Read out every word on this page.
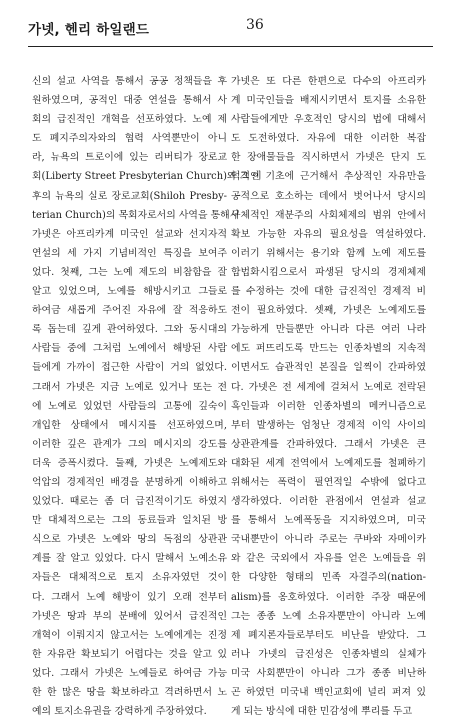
가넷, 헨리 하일랜드	36
신의 설교 사역을 통해서 공공 정책들을 후
원하였으며, 공적인 대중 연설을 통해서 사
회의 급진적인 개혁을 선포하였다. 노예 제
도 폐지주의자와의 협력 사역뿐만이 아니
라, 뉴욕의 트로이에 있는 리버티가 장로교
회(Liberty Street Presbyterian Church)와 그 이
후의 뉴욕의 실로 장로교회(Shiloh Presby-
terian Church)의 목회자로서의 사역을 통해서
가넷은 아프리카계 미국인 설교와 선지자적
연설의 세 가지 기념비적인 특징을 보여주
었다. 첫째, 그는 노예 제도의 비참함을 잘
알고 있었으며, 노예를 해방시키고 그들로
하여금 새롭게 주어진 자유에 잘 적응하도
록 돕는데 깊게 관여하였다. 그와 동시대의
사람들 중에 그처럼 노예에서 해방된 사람
들에게 가까이 접근한 사람이 거의 없었다.
그래서 가넷은 지금 노예로 있거나 또는 전
에 노예로 있었던 사람들의 고통에 깊숙이
개입한 상태에서 메시지를 선포하였으며,
이러한 깊은 관계가 그의 메시지의 강도를
더욱 증폭시켰다. 둘째, 가넷은 노예제도와
억압의 경제적인 배경을 분명하게 이해하고
있었다. 때로는 좀 더 급진적이기도 하였지
만 대체적으로는 그의 동료들과 일치된 방
식으로 가넷은 노예와 땅의 독점의 상관관
계를 잘 알고 있었다. 다시 말해서 노예소유
자들은 대체적으로 토지 소유자였던 것이
다. 그래서 노예 해방이 있기 오래 전부터
가넷은 땅과 부의 분배에 있어서 급진적인
개혁이 이뤄지지 않고서는 노예에게는 진정
한 자유란 확보되기 어렵다는 것을 알고 있
었다. 그래서 가넷은 노예들로 하여금 가능
한 한 많은 땅을 확보하라고 격려하면서 노
예의 토지소유권을 강력하게 주장하였다.
가넷은 또 다른 한편으로 다수의 아프리카
계 미국인들을 배제시키면서 토지를 소유한
사람들에게만 우호적인 당시의 법에 대해서
도 도전하였다. 자유에 대한 이러한 복잡
한 장애물들을 직시하면서 가넷은 단지 도
덕적인 기초에 근거해서 추상적인 자유만을
공적으로 호소하는 데에서 벗어나서 당시의
구체적인 재분주의 사회체제의 범위 안에서
확보 가능한 자유의 필요성을 역설하였다.
이러기 위해서는 용기와 함께 노예 제도를
합법화시킴으로서 파생된 당시의 경제체제
를 수정하는 것에 대한 급진적인 경제적 비
전이 필요하였다. 셋째, 가넷은 노예제도를
가능하게 만들뿐만 아니라 다른 여러 나라
에도 퍼뜨리도록 만드는 인종차별의 지속적
이면서도 습관적인 본질을 일찍이 간파하였
다. 가넷은 전 세계에 걸쳐서 노예로 전락된
흑인들과 이러한 인종차별의 메커니즘으로
부터 발생하는 엄청난 경제적 이익 사이의
상관관계를 간파하였다. 그래서 가넷은 큰
대화된 세계 전역에서 노예제도를 철폐하기
위해서는 폭력이 필연적일 수밖에 없다고
생각하였다. 이러한 관점에서 연설과 설교
를 통해서 노예폭동을 지지하였으며, 미국
국내뿐만이 아니라 주로는 쿠바와 자메이카
와 같은 국외에서 자유를 얻은 노예들을 위
한 다양한 형태의 민족 자결주의(nation-
alism)를 옹호하였다. 이러한 주장 때문에
그는 종종 노예 소유자뿐만이 아니라 노예
제 폐지론자들로부터도 비난을 받았다. 그
러나 가넷의 급진성은 인종차별의 실체가
미국 사회뿐만이 아니라 그가 종종 비난하
곤 하였던 미국내 백인교회에 널리 퍼져 있
게 되는 방식에 대한 민감성에 뿌리를 두고
